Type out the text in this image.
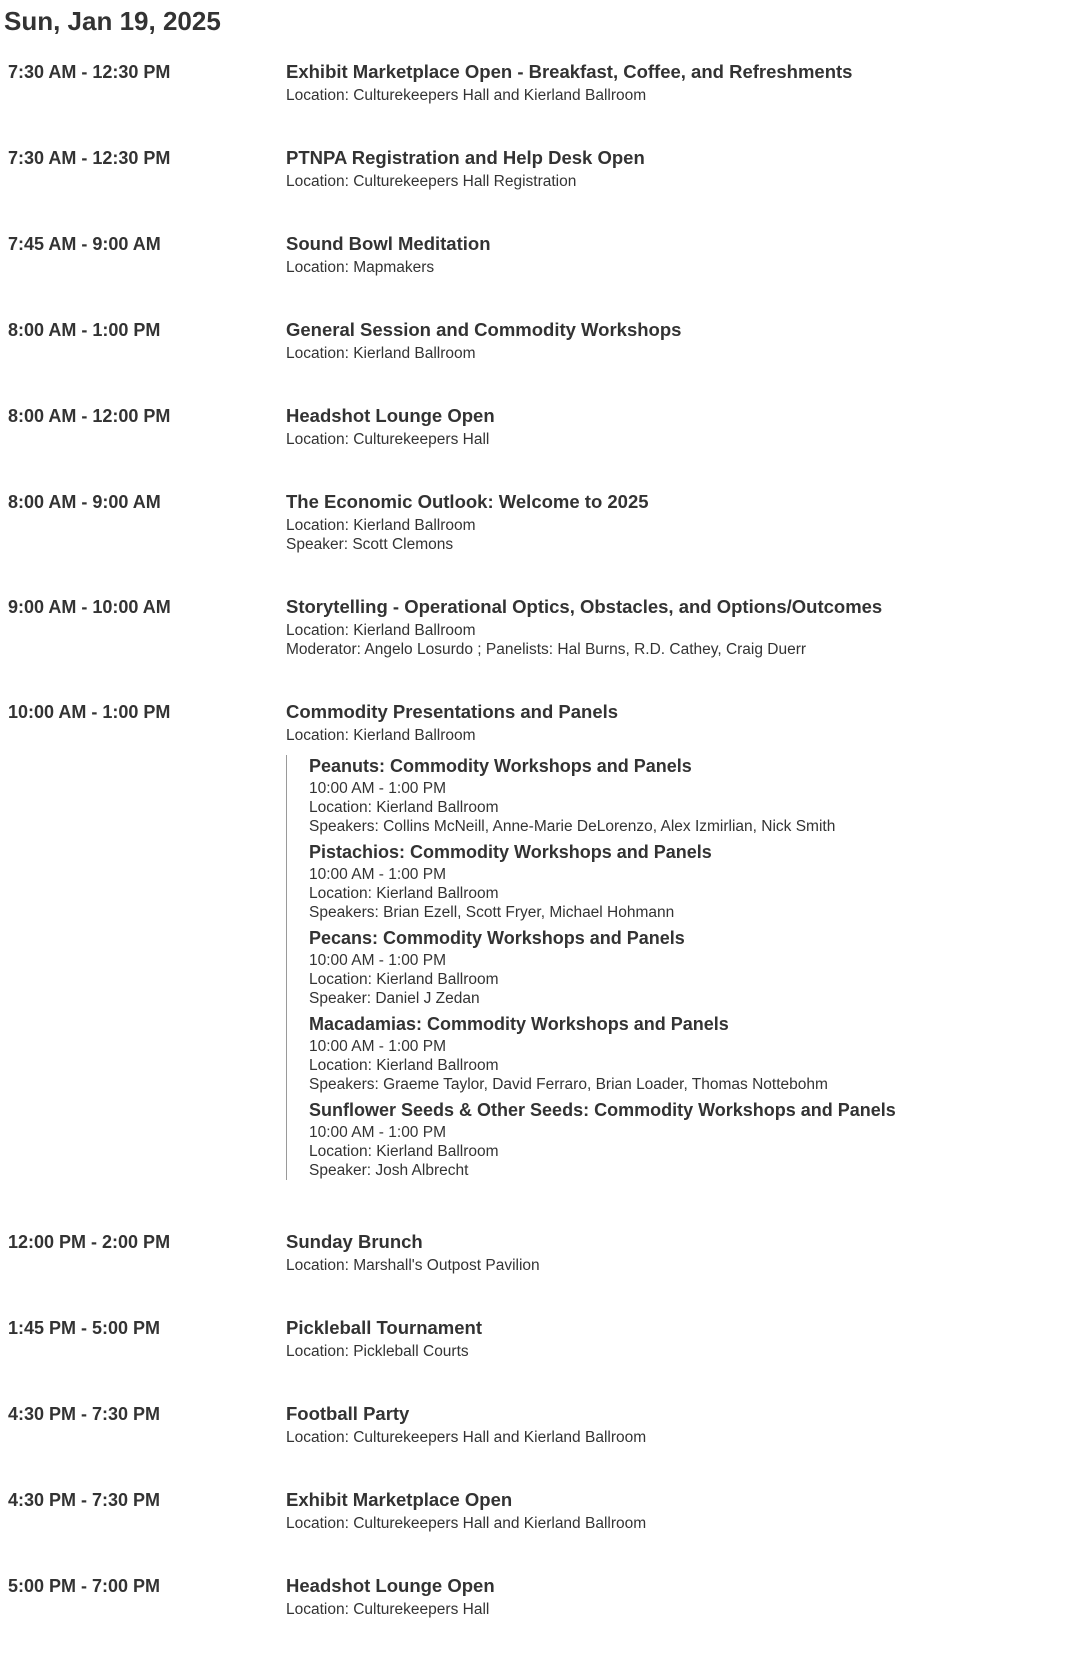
Sun, Jan 19, 2025
7:30 AM - 12:30 PM	Exhibit Marketplace Open - Breakfast, Coffee, and Refreshments
Location: Culturekeepers Hall and Kierland Ballroom
7:30 AM - 12:30 PM	PTNPA Registration and Help Desk Open
Location: Culturekeepers Hall Registration
7:45 AM - 9:00 AM	Sound Bowl Meditation
Location: Mapmakers
8:00 AM - 1:00 PM	General Session and Commodity Workshops
Location: Kierland Ballroom
8:00 AM - 12:00 PM	Headshot Lounge Open
Location: Culturekeepers Hall
8:00 AM - 9:00 AM	The Economic Outlook: Welcome to 2025
Location: Kierland Ballroom
Speaker: Scott Clemons
9:00 AM - 10:00 AM	Storytelling - Operational Optics, Obstacles, and Options/Outcomes
Location: Kierland Ballroom
Moderator: Angelo Losurdo ; Panelists: Hal Burns, R.D. Cathey, Craig Duerr
10:00 AM - 1:00 PM	Commodity Presentations and Panels
Location: Kierland Ballroom
Peanuts: Commodity Workshops and Panels
10:00 AM - 1:00 PM
Location: Kierland Ballroom
Speakers: Collins McNeill, Anne-Marie DeLorenzo, Alex Izmirlian, Nick Smith
Pistachios: Commodity Workshops and Panels
10:00 AM - 1:00 PM
Location: Kierland Ballroom
Speakers: Brian Ezell, Scott Fryer, Michael Hohmann
Pecans: Commodity Workshops and Panels
10:00 AM - 1:00 PM
Location: Kierland Ballroom
Speaker: Daniel J Zedan
Macadamias: Commodity Workshops and Panels
10:00 AM - 1:00 PM
Location: Kierland Ballroom
Speakers: Graeme Taylor, David Ferraro, Brian Loader, Thomas Nottebohm
Sunflower Seeds & Other Seeds: Commodity Workshops and Panels
10:00 AM - 1:00 PM
Location: Kierland Ballroom
Speaker: Josh Albrecht
12:00 PM - 2:00 PM	Sunday Brunch
Location: Marshall's Outpost Pavilion
1:45 PM - 5:00 PM	Pickleball Tournament
Location: Pickleball Courts
4:30 PM - 7:30 PM	Football Party
Location: Culturekeepers Hall and Kierland Ballroom
4:30 PM - 7:30 PM	Exhibit Marketplace Open
Location: Culturekeepers Hall and Kierland Ballroom
5:00 PM - 7:00 PM	Headshot Lounge Open
Location: Culturekeepers Hall
